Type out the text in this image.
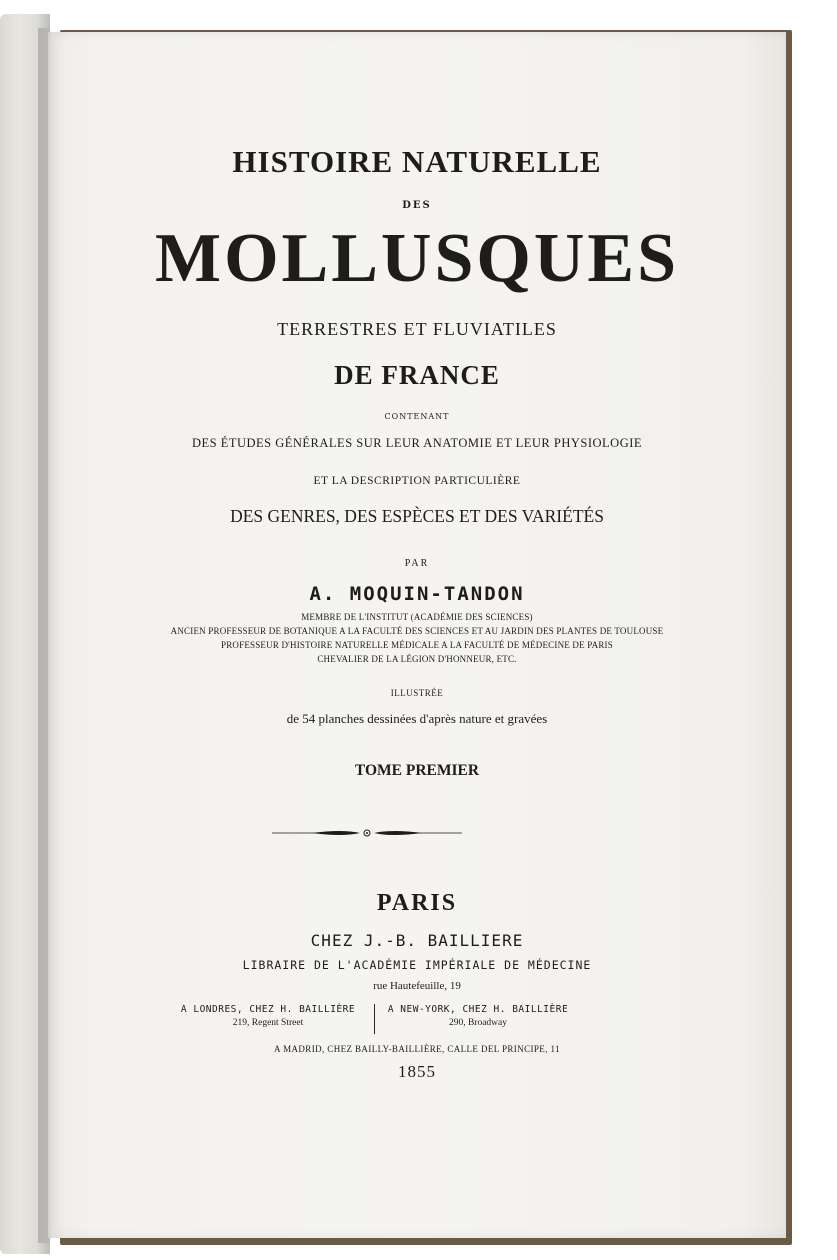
HISTOIRE NATURELLE

DES

MOLLUSQUES

TERRESTRES ET FLUVIATILES

DE FRANCE

CONTENANT

DES ÉTUDES GÉNÉRALES SUR LEUR ANATOMIE ET LEUR PHYSIOLOGIE

ET LA DESCRIPTION PARTICULIÈRE

DES GENRES, DES ESPÈCES ET DES VARIÉTÉS

PAR

A. MOQUIN-TANDON

MEMBRE DE L'INSTITUT (ACADÉMIE DES SCIENCES)

ANCIEN PROFESSEUR DE BOTANIQUE A LA FACULTÉ DES SCIENCES ET AU JARDIN DES PLANTES DE TOULOUSE

PROFESSEUR D'HISTOIRE NATURELLE MÉDICALE A LA FACULTÉ DE MÉDECINE DE PARIS

CHEVALIER DE LA LÉGION D'HONNEUR, ETC.

ILLUSTRÉE

de 54 planches dessinées d'après nature et gravées

TOME PREMIER

PARIS

CHEZ J.-B. BAILLIERE

LIBRAIRE DE L'ACADÉMIE IMPÉRIALE DE MÉDECINE

rue Hautefeuille, 19

A LONDRES, CHEZ H. BAILLIÈRE
219, Regent Street
A NEW-YORK, CHEZ H. BAILLIÈRE
290, Broadway

A MADRID, CHEZ BAILLY-BAILLIÈRE, CALLE DEL PRINCIPE, 11

1855
